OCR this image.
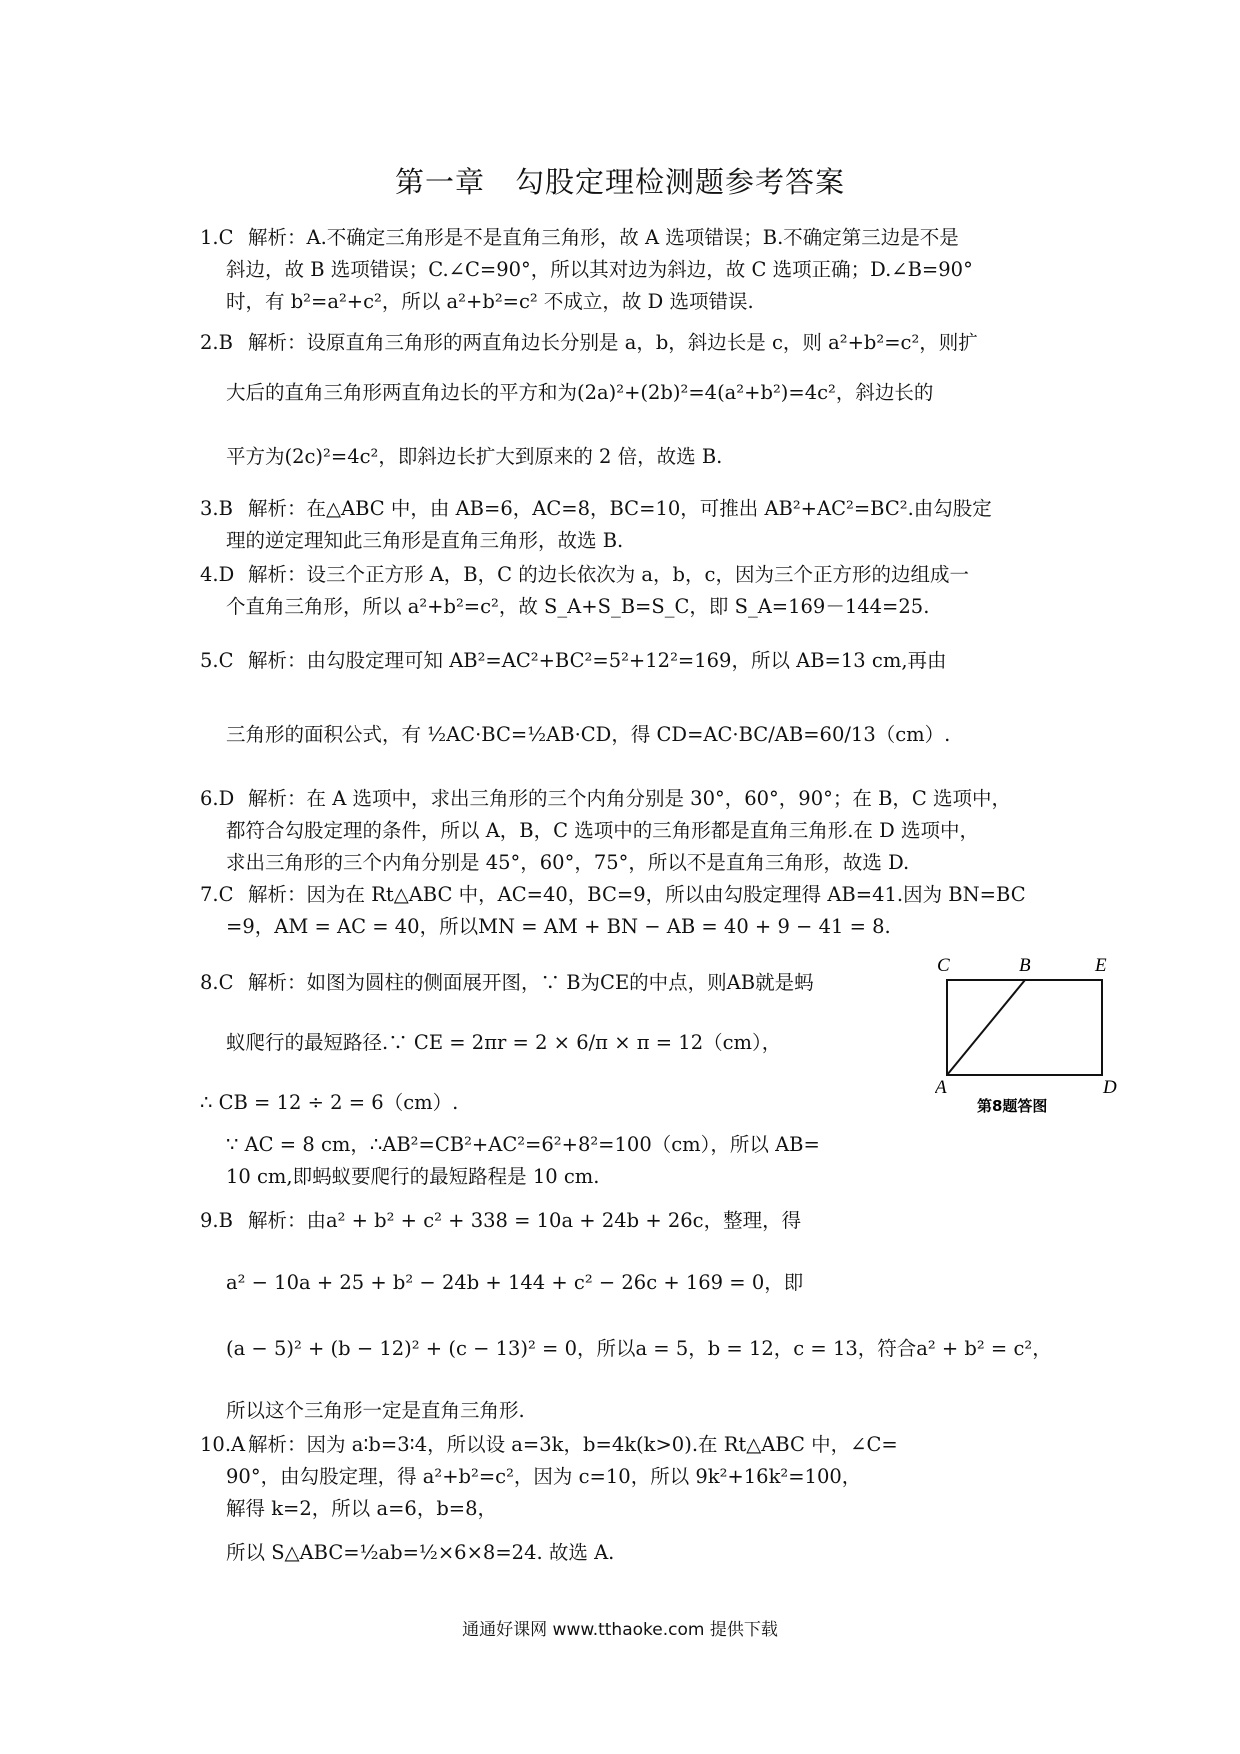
第一章　勾股定理检测题参考答案
1.C 解析：A.不确定三角形是不是直角三角形，故 A 选项错误；B.不确定第三边是不是
斜边，故 B 选项错误；C.∠C=90°，所以其对边为斜边，故 C 选项正确；D.∠B=90°
时，有 b²=a²+c²，所以 a²+b²=c² 不成立，故 D 选项错误.
2.B 解析：设原直角三角形的两直角边长分别是 a，b，斜边长是 c，则 a²+b²=c²，则扩
大后的直角三角形两直角边长的平方和为(2a)²+(2b)²=4(a²+b²)=4c²，斜边长的
平方为(2c)²=4c²，即斜边长扩大到原来的 2 倍，故选 B.
3.B 解析：在△ABC 中，由 AB=6，AC=8，BC=10，可推出 AB²+AC²=BC².由勾股定
理的逆定理知此三角形是直角三角形，故选 B.
4.D 解析：设三个正方形 A，B，C 的边长依次为 a，b，c，因为三个正方形的边组成一
个直角三角形，所以 a²+b²=c²，故 S_A+S_B=S_C，即 S_A=169－144=25.
5.C 解析：由勾股定理可知 AB²=AC²+BC²=5²+12²=169，所以 AB=13 cm,再由
三角形的面积公式，有 ½AC·BC=½AB·CD，得 CD=AC·BC/AB=60/13（cm）.
6.D 解析：在 A 选项中，求出三角形的三个内角分别是 30°，60°，90°；在 B，C 选项中，
都符合勾股定理的条件，所以 A，B，C 选项中的三角形都是直角三角形.在 D 选项中，
求出三角形的三个内角分别是 45°，60°，75°，所以不是直角三角形，故选 D.
7.C 解析：因为在 Rt△ABC 中，AC=40，BC=9，所以由勾股定理得 AB=41.因为 BN=BC
=9，AM = AC = 40，所以MN = AM + BN − AB = 40 + 9 − 41 = 8.
8.C 解析：如图为圆柱的侧面展开图，∵ B为CE的中点，则AB就是蚂
蚁爬行的最短路径.∵ CE = 2πr = 2 × 6/π × π = 12（cm），
∴ CB = 12 ÷ 2 = 6（cm）.
∵ AC = 8 cm，∴AB²=CB²+AC²=6²+8²=100（cm），所以 AB=
10 cm,即蚂蚁要爬行的最短路程是 10 cm.
C	B	E
A	D
第8题答图
9.B 解析：由a² + b² + c² + 338 = 10a + 24b + 26c，整理，得
a² − 10a + 25 + b² − 24b + 144 + c² − 26c + 169 = 0，即
(a − 5)² + (b − 12)² + (c − 13)² = 0，所以a = 5，b = 12，c = 13，符合a² + b² = c²，
所以这个三角形一定是直角三角形.
10.A 解析：因为 a∶b=3∶4，所以设 a=3k，b=4k(k>0).在 Rt△ABC 中，∠C=
90°，由勾股定理，得 a²+b²=c²，因为 c=10，所以 9k²+16k²=100，
解得 k=2，所以 a=6，b=8，
所以 S△ABC=½ab=½×6×8=24. 故选 A.
通通好课网 www.tthaoke.com 提供下载
